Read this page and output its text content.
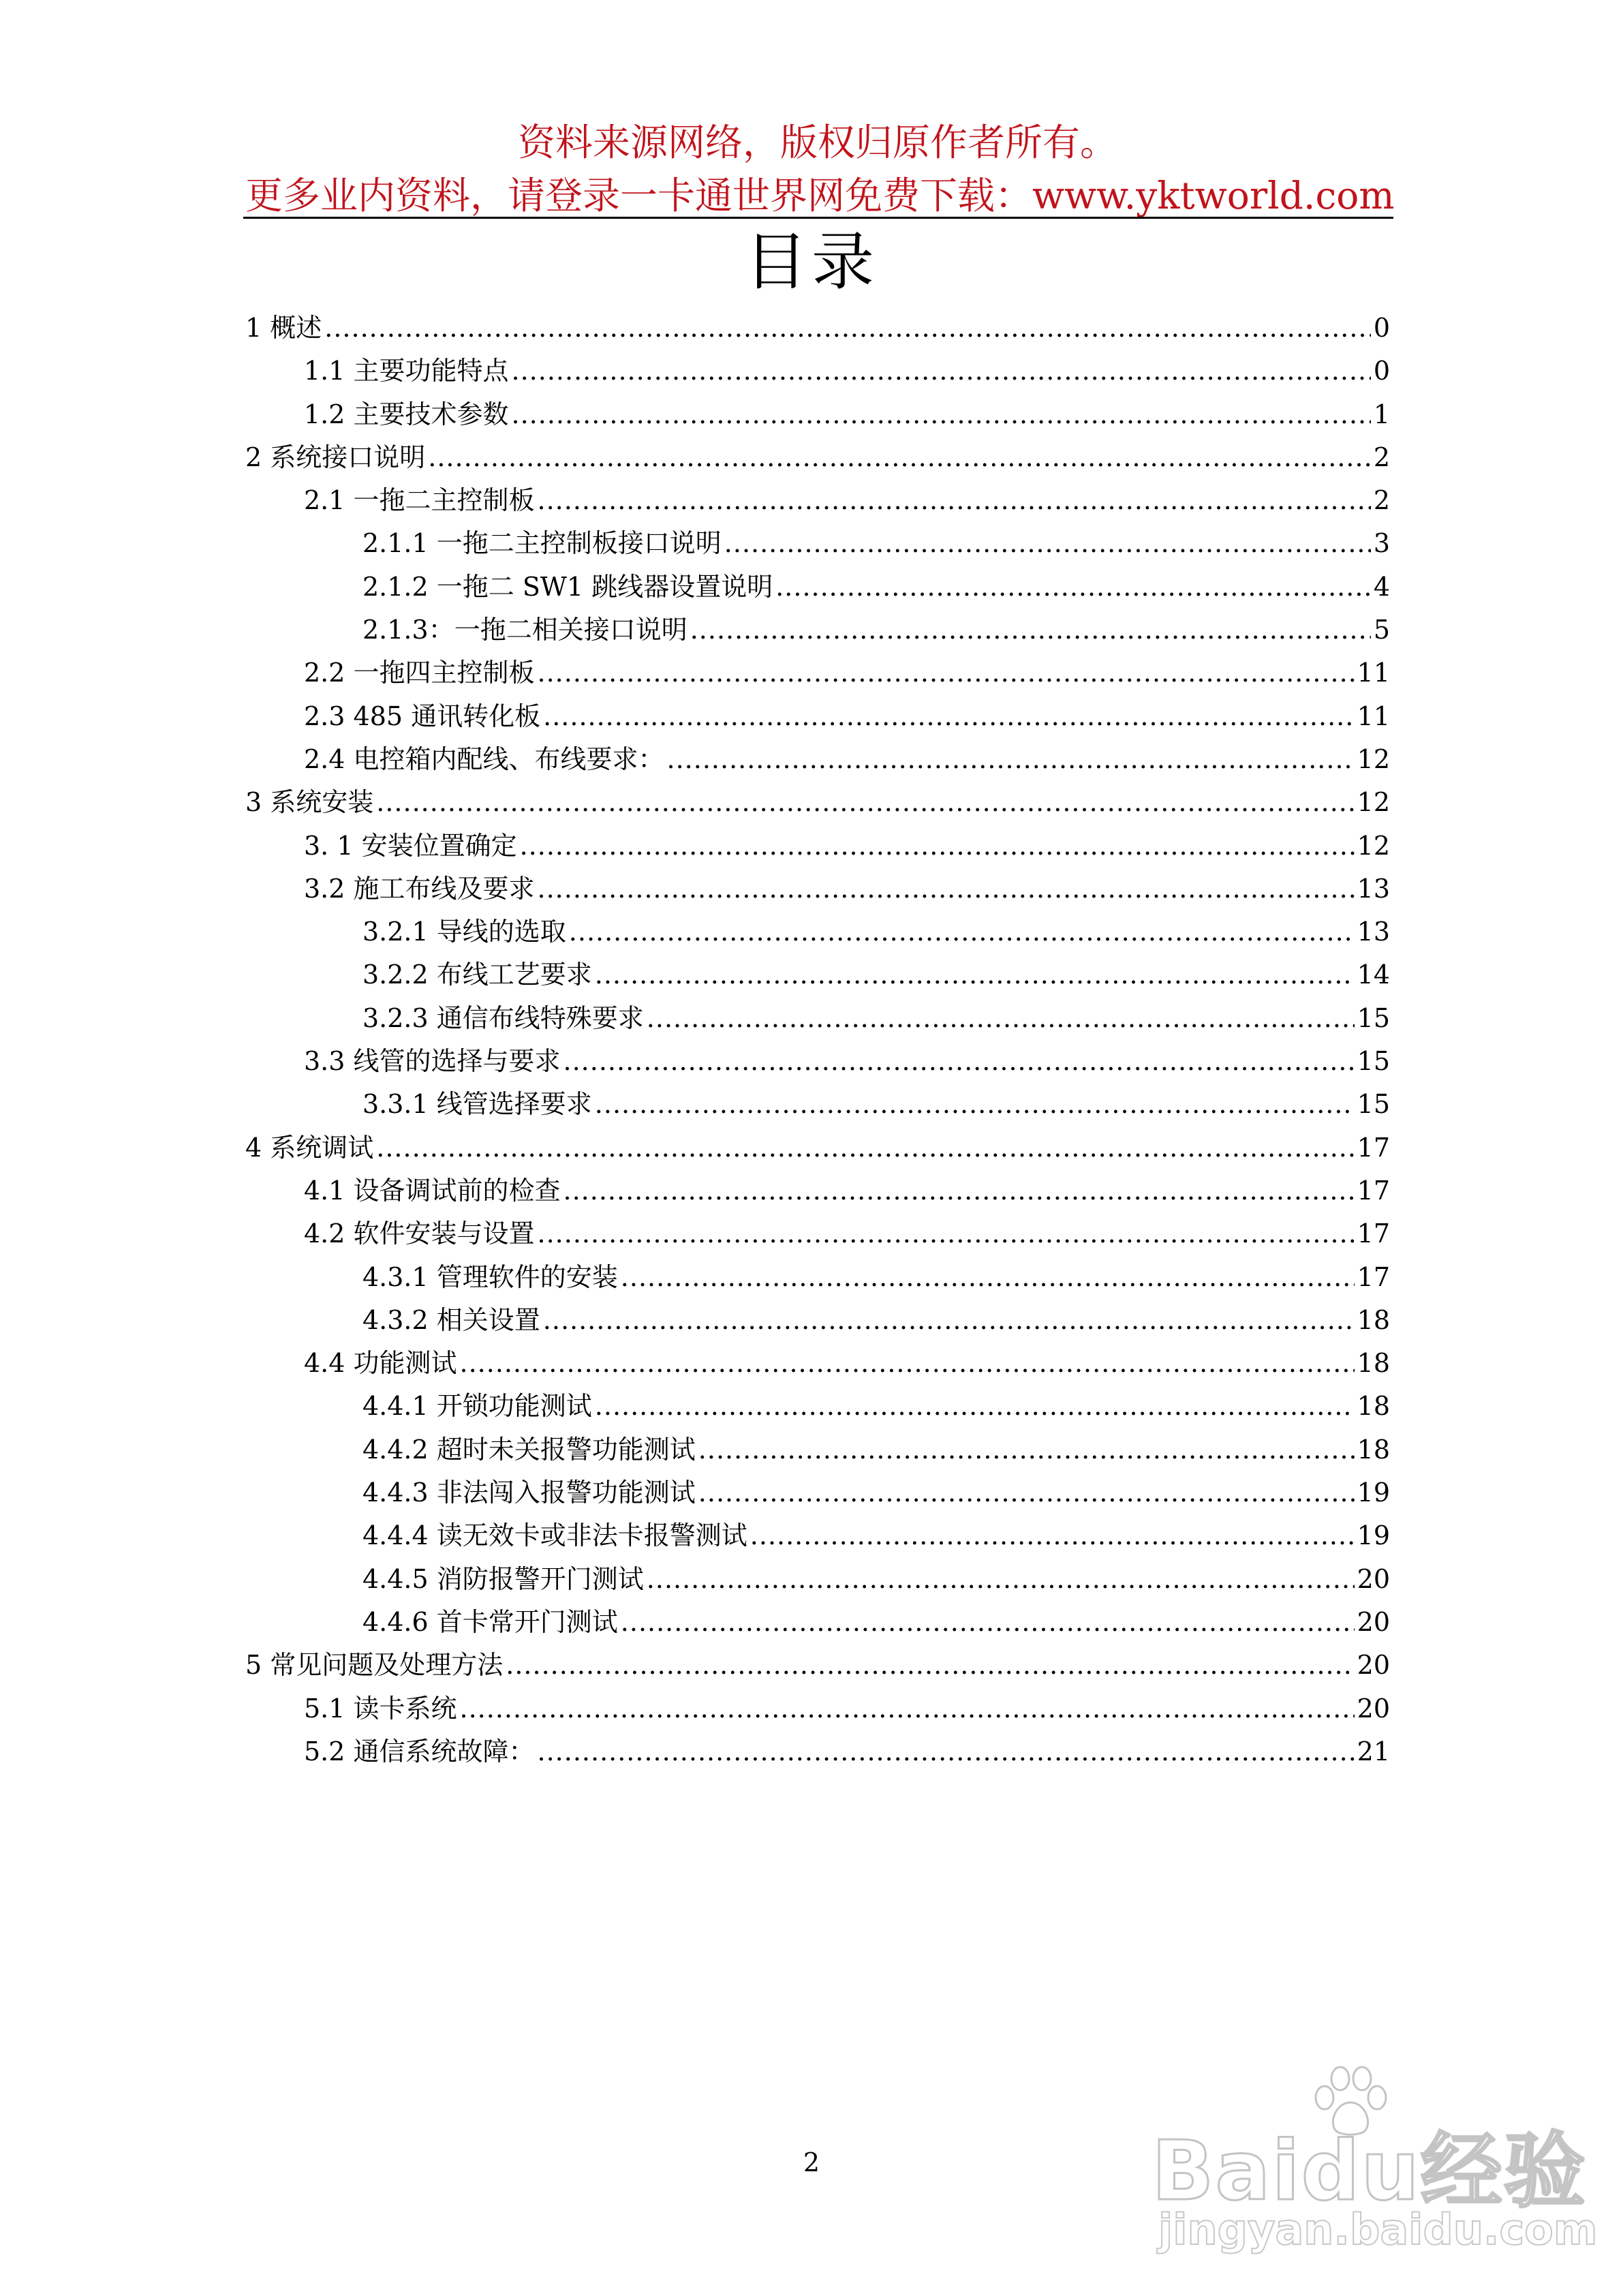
资料来源网络，版权归原作者所有。
更多业内资料，请登录一卡通世界网免费下载：www.yktworld.com
目录
1 概述 .....	0
1.1 主要功能特点 .....	0
1.2 主要技术参数 .....	1
2 系统接口说明 .....	2
2.1 一拖二主控制板 .....	2
2.1.1 一拖二主控制板接口说明 .....	3
2.1.2 一拖二 SW1 跳线器设置说明 .....	4
2.1.3：一拖二相关接口说明 .....	5
2.2 一拖四主控制板 .....	11
2.3 485 通讯转化板 .....	11
2.4 电控箱内配线、布线要求： .....	12
3 系统安装 .....	12
3. 1 安装位置确定 .....	12
3.2 施工布线及要求 .....	13
3.2.1 导线的选取 .....	13
3.2.2 布线工艺要求 .....	14
3.2.3 通信布线特殊要求 .....	15
3.3 线管的选择与要求 .....	15
3.3.1 线管选择要求 .....	15
4 系统调试 .....	17
4.1 设备调试前的检查 .....	17
4.2 软件安装与设置 .....	17
4.3.1 管理软件的安装 .....	17
4.3.2 相关设置 .....	18
4.4 功能测试 .....	18
4.4.1 开锁功能测试 .....	18
4.4.2 超时未关报警功能测试 .....	18
4.4.3 非法闯入报警功能测试 .....	19
4.4.4 读无效卡或非法卡报警测试 .....	19
4.4.5 消防报警开门测试 .....	20
4.4.6 首卡常开门测试 .....	20
5 常见问题及处理方法 .....	20
5.1 读卡系统 .....	20
5.2 通信系统故障： .....	21
2	Baidu经验
jingyan.baidu.com
